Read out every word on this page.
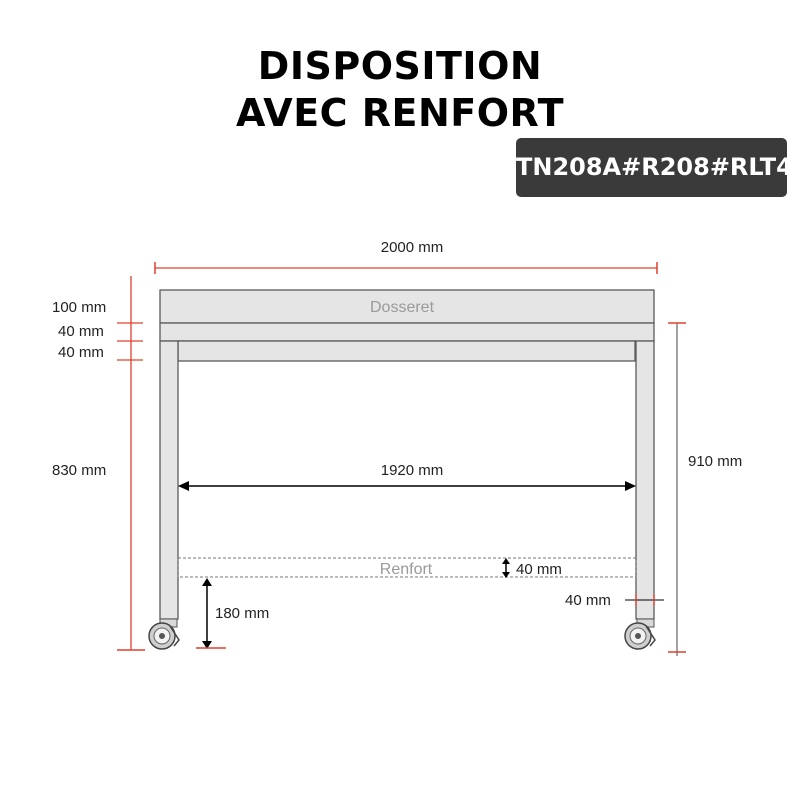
DISPOSITION
AVEC RENFORT
TN208A#R208#RLT4
2000 mm
100 mm
40 mm
40 mm
830 mm
910 mm
Dosseret
1920 mm
Renfort	40 mm
180 mm
40 mm
